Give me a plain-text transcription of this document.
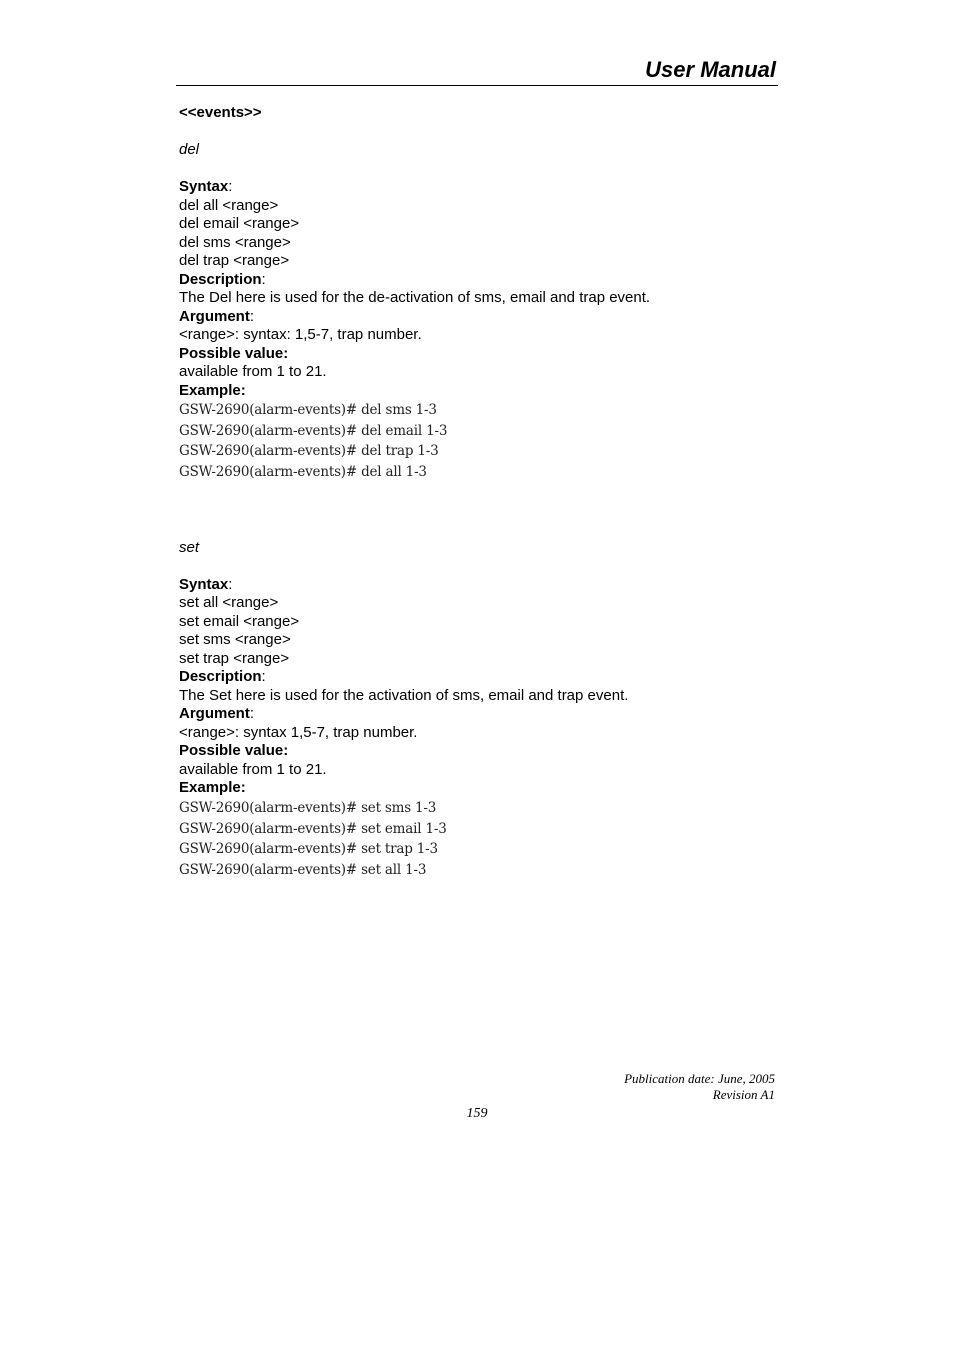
User Manual
<<events>>
del
Syntax:
del all <range>
del email <range>
del sms <range>
del trap <range>
Description:
The Del here is used for the de-activation of sms, email and trap event.
Argument:
<range>: syntax: 1,5-7, trap number.
Possible value:
available from 1 to 21.
Example:
GSW-2690(alarm-events)# del sms 1-3
GSW-2690(alarm-events)# del email 1-3
GSW-2690(alarm-events)# del trap 1-3
GSW-2690(alarm-events)# del all 1-3
set
Syntax:
set all <range>
set email <range>
set sms <range>
set trap <range>
Description:
The Set here is used for the activation of sms, email and trap event.
Argument:
<range>: syntax 1,5-7, trap number.
Possible value:
available from 1 to 21.
Example:
GSW-2690(alarm-events)# set sms 1-3
GSW-2690(alarm-events)# set email 1-3
GSW-2690(alarm-events)# set trap 1-3
GSW-2690(alarm-events)# set all 1-3
Publication date: June, 2005
Revision A1
159
